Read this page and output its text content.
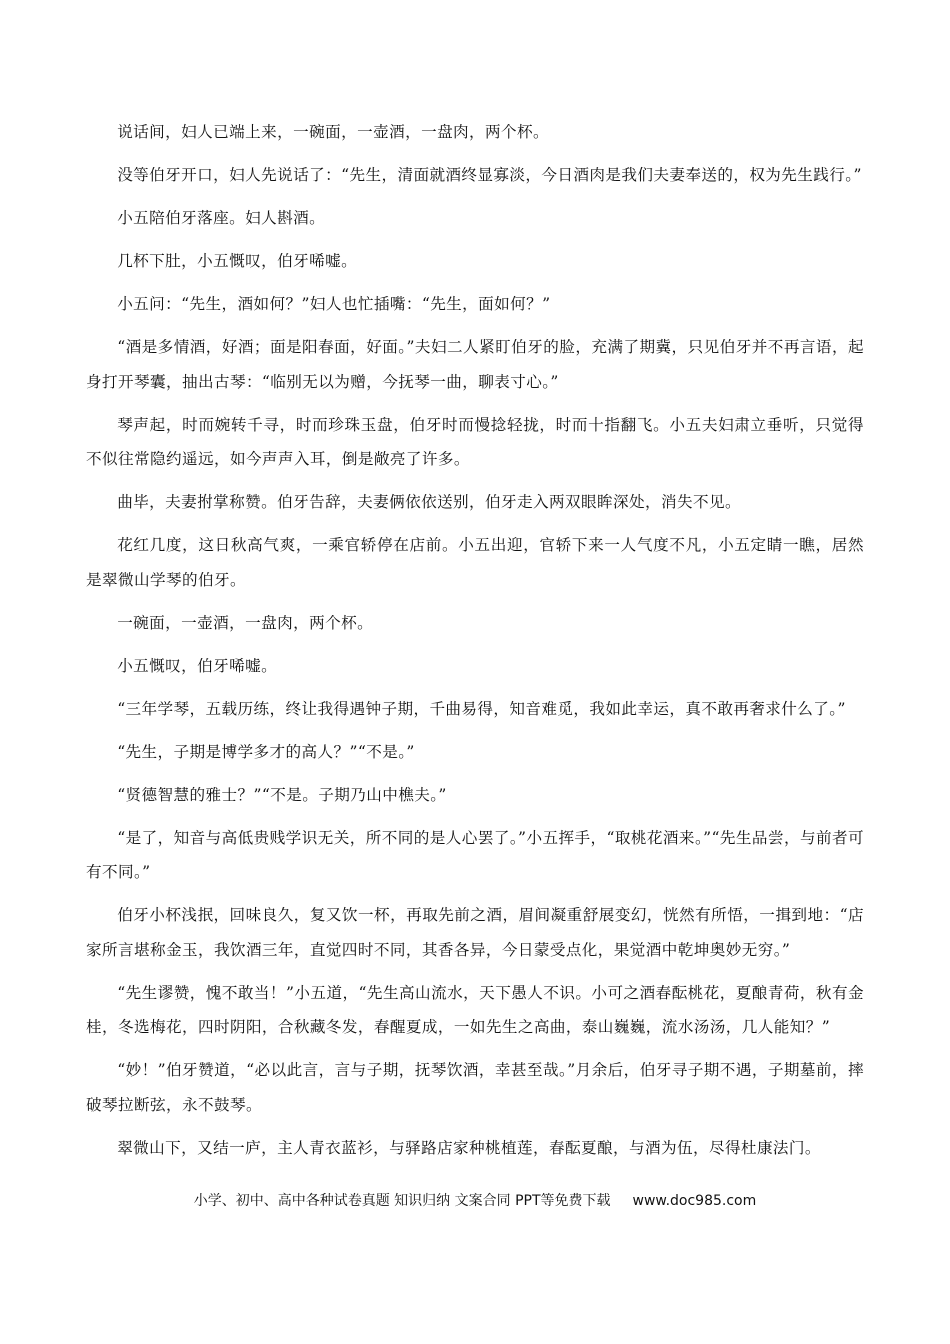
说话间，妇人已端上来，一碗面，一壶酒，一盘肉，两个杯。

没等伯牙开口，妇人先说话了：“先生，清面就酒终显寡淡，今日酒肉是我们夫妻奉送的，权为先生践行。”

小五陪伯牙落座。妇人斟酒。

几杯下肚，小五慨叹，伯牙唏嘘。

小五问：“先生，酒如何？”妇人也忙插嘴：“先生，面如何？”

“酒是多情酒，好酒；面是阳春面，好面。”夫妇二人紧盯伯牙的脸，充满了期冀，只见伯牙并不再言语，起身打开琴囊，抽出古琴：“临别无以为赠，今抚琴一曲，聊表寸心。”

琴声起，时而婉转千寻，时而珍珠玉盘，伯牙时而慢捻轻拢，时而十指翻飞。小五夫妇肃立垂听，只觉得不似往常隐约遥远，如今声声入耳，倒是敞亮了许多。

曲毕，夫妻拊掌称赞。伯牙告辞，夫妻俩依依送别，伯牙走入两双眼眸深处，消失不见。

花红几度，这日秋高气爽，一乘官轿停在店前。小五出迎，官轿下来一人气度不凡，小五定睛一瞧，居然是翠微山学琴的伯牙。

一碗面，一壶酒，一盘肉，两个杯。

小五慨叹，伯牙唏嘘。

“三年学琴，五载历练，终让我得遇钟子期，千曲易得，知音难觅，我如此幸运，真不敢再奢求什么了。”

“先生，子期是博学多才的高人？”“不是。”

“贤德智慧的雅士？”“不是。子期乃山中樵夫。”

“是了，知音与高低贵贱学识无关，所不同的是人心罢了。”小五挥手，“取桃花酒来。”“先生品尝，与前者可有不同。”

伯牙小杯浅抿，回味良久，复又饮一杯，再取先前之酒，眉间凝重舒展变幻，恍然有所悟，一揖到地：“店家所言堪称金玉，我饮酒三年，直觉四时不同，其香各异，今日蒙受点化，果觉酒中乾坤奥妙无穷。”

“先生谬赞，愧不敢当！”小五道，“先生高山流水，天下愚人不识。小可之酒春酝桃花，夏酿青荷，秋有金桂，冬选梅花，四时阴阳，合秋藏冬发，春醒夏成，一如先生之高曲，泰山巍巍，流水汤汤，几人能知？”

“妙！”伯牙赞道，“必以此言，言与子期，抚琴饮酒，幸甚至哉。”月余后，伯牙寻子期不遇，子期墓前，摔破琴拉断弦，永不鼓琴。

翠微山下，又结一庐，主人青衣蓝衫，与驿路店家种桃植莲，春酝夏酿，与酒为伍，尽得杜康法门。

小学、初中、高中各种试卷真题 知识归纳 文案合同 PPT等免费下载 www.doc985.com
